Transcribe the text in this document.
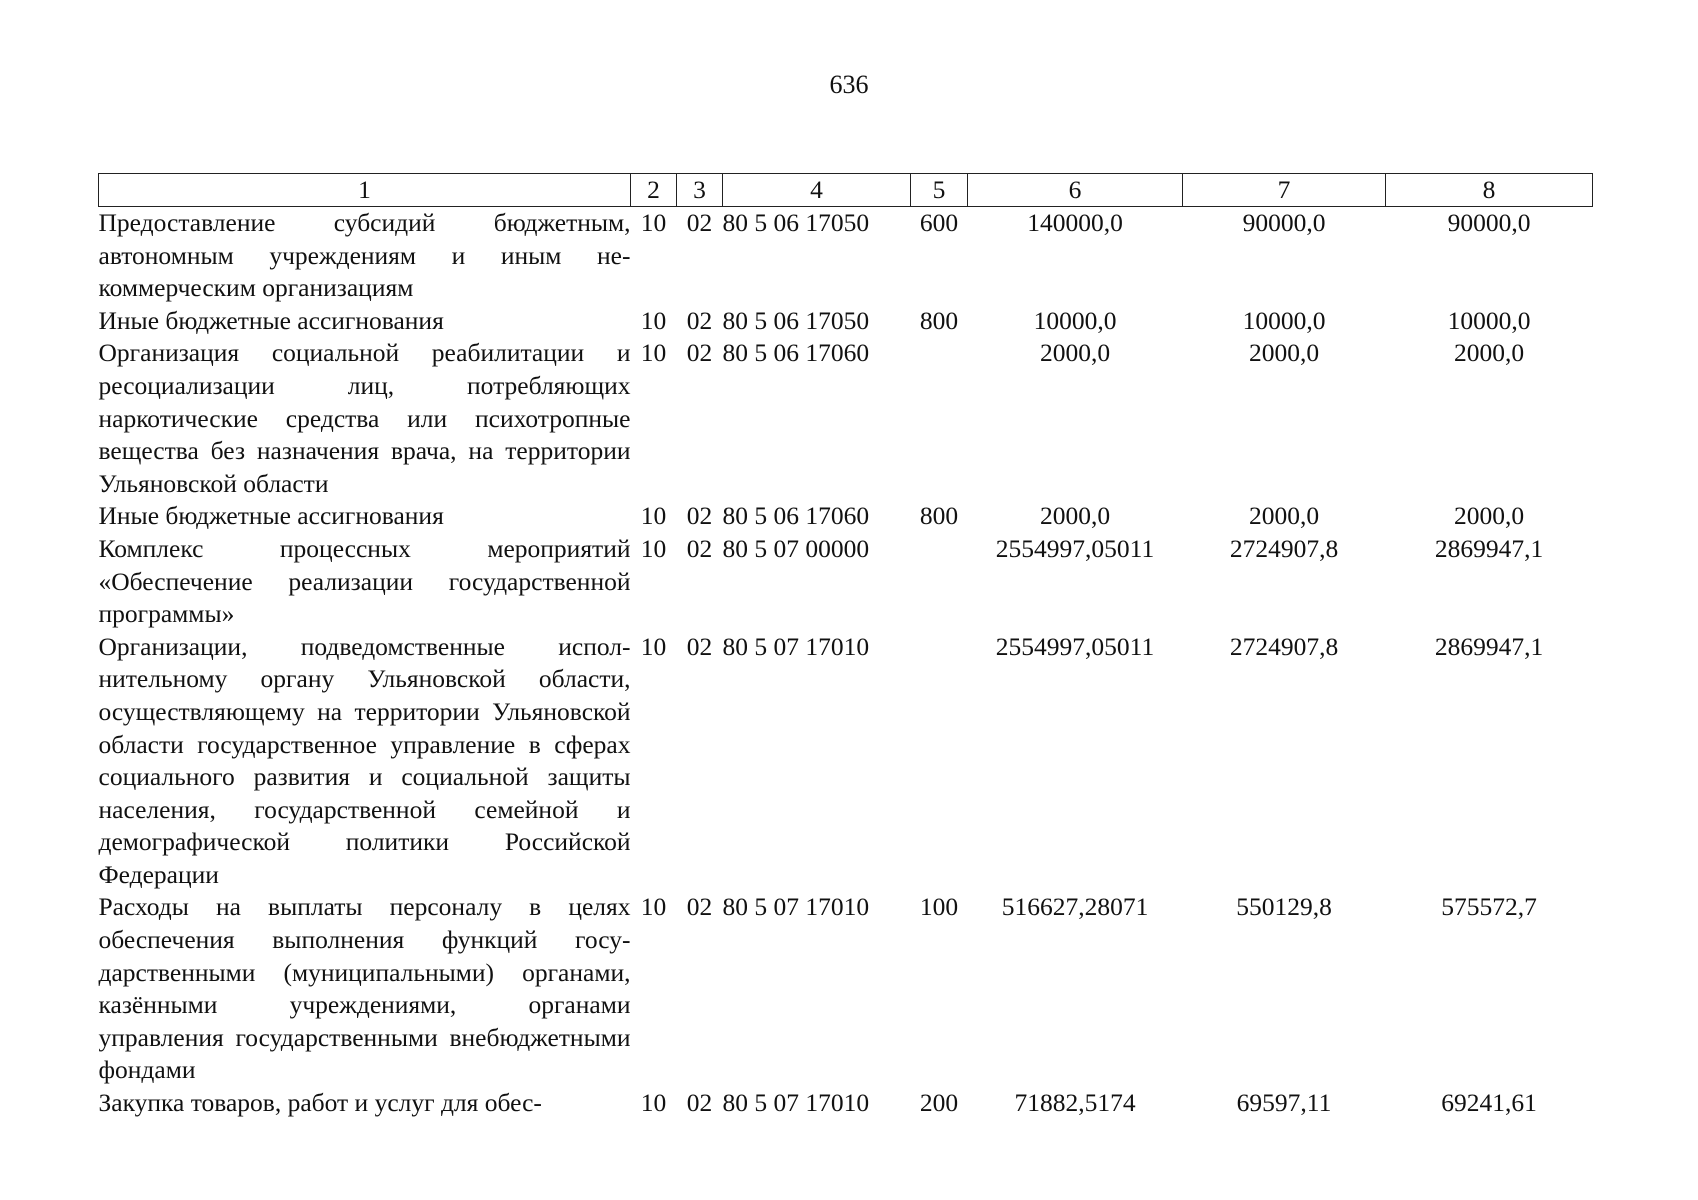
636
1	2	3	4	5	6	7	8
Предоставление субсидий бюджетным, автономным учреждениям и иным некоммерческим организациям	10	02	80 5 06 17050	600	140000,0	90000,0	90000,0
Иные бюджетные ассигнования	10	02	80 5 06 17050	800	10000,0	10000,0	10000,0
Организация социальной реабилитации и ресоциализации лиц, потребляющих наркотические средства или психотропные вещества без назначения врача, на территории Ульяновской области	10	02	80 5 06 17060		2000,0	2000,0	2000,0
Иные бюджетные ассигнования	10	02	80 5 06 17060	800	2000,0	2000,0	2000,0
Комплекс процессных мероприятий «Обеспечение реализации государственной программы»	10	02	80 5 07 00000		2554997,05011	2724907,8	2869947,1
Организации, подведомственные исполнительному органу Ульяновской области, осуществляющему на территории Ульяновской области государственное управление в сферах социального развития и социальной защиты населения, государственной семейной и демографической политики Российской Федерации	10	02	80 5 07 17010		2554997,05011	2724907,8	2869947,1
Расходы на выплаты персоналу в целях обеспечения выполнения функций государственными (муниципальными) органами, казёнными учреждениями, органами управления государственными внебюджетными фондами	10	02	80 5 07 17010	100	516627,28071	550129,8	575572,7
Закупка товаров, работ и услуг для обес-	10	02	80 5 07 17010	200	71882,5174	69597,11	69241,61
